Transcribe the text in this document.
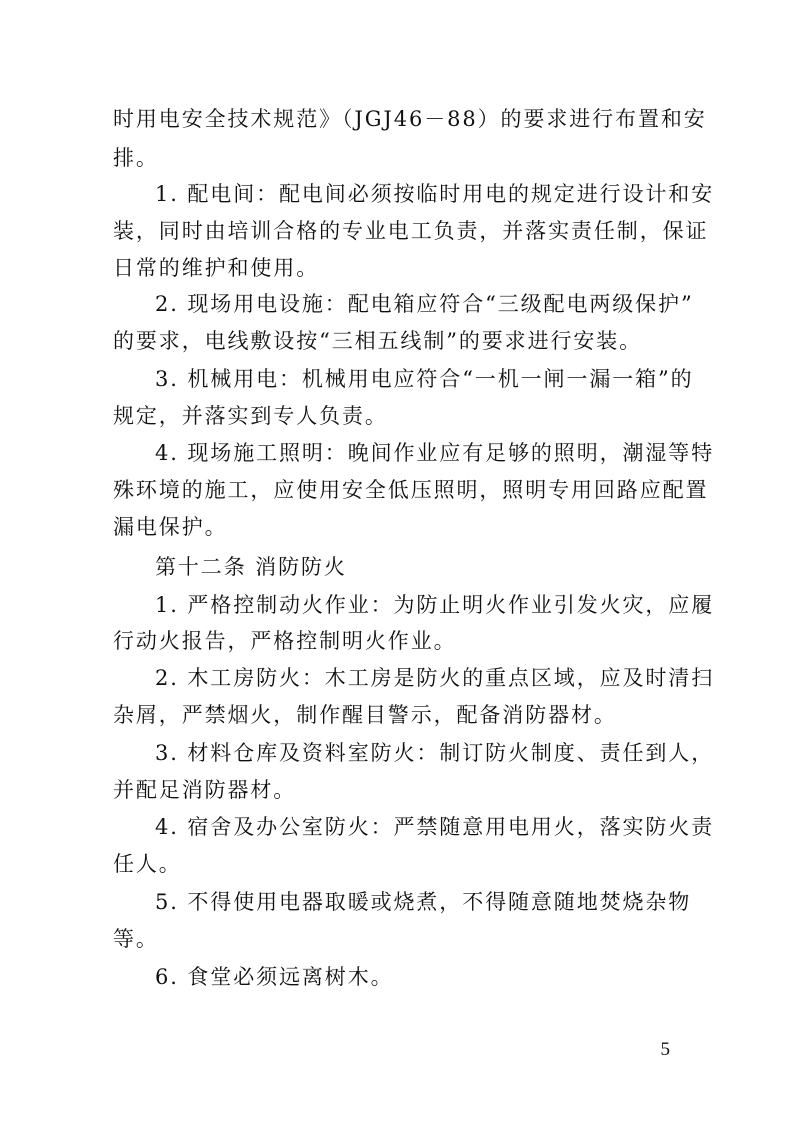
时用电安全技术规范》（JGJ46－88）的要求进行布置和安
排。
1. 配电间：配电间必须按临时用电的规定进行设计和安
装，同时由培训合格的专业电工负责，并落实责任制，保证
日常的维护和使用。
2. 现场用电设施：配电箱应符合“三级配电两级保护”
的要求，电线敷设按“三相五线制”的要求进行安装。
3. 机械用电：机械用电应符合“一机一闸一漏一箱”的
规定，并落实到专人负责。
4. 现场施工照明：晚间作业应有足够的照明，潮湿等特
殊环境的施工，应使用安全低压照明，照明专用回路应配置
漏电保护。
第十二条 消防防火
1. 严格控制动火作业：为防止明火作业引发火灾，应履
行动火报告，严格控制明火作业。
2. 木工房防火：木工房是防火的重点区域，应及时清扫
杂屑，严禁烟火，制作醒目警示，配备消防器材。
3. 材料仓库及资料室防火：制订防火制度、责任到人，
并配足消防器材。
4. 宿舍及办公室防火：严禁随意用电用火，落实防火责
任人。
5. 不得使用电器取暖或烧煮，不得随意随地焚烧杂物
等。
6. 食堂必须远离树木。
5
